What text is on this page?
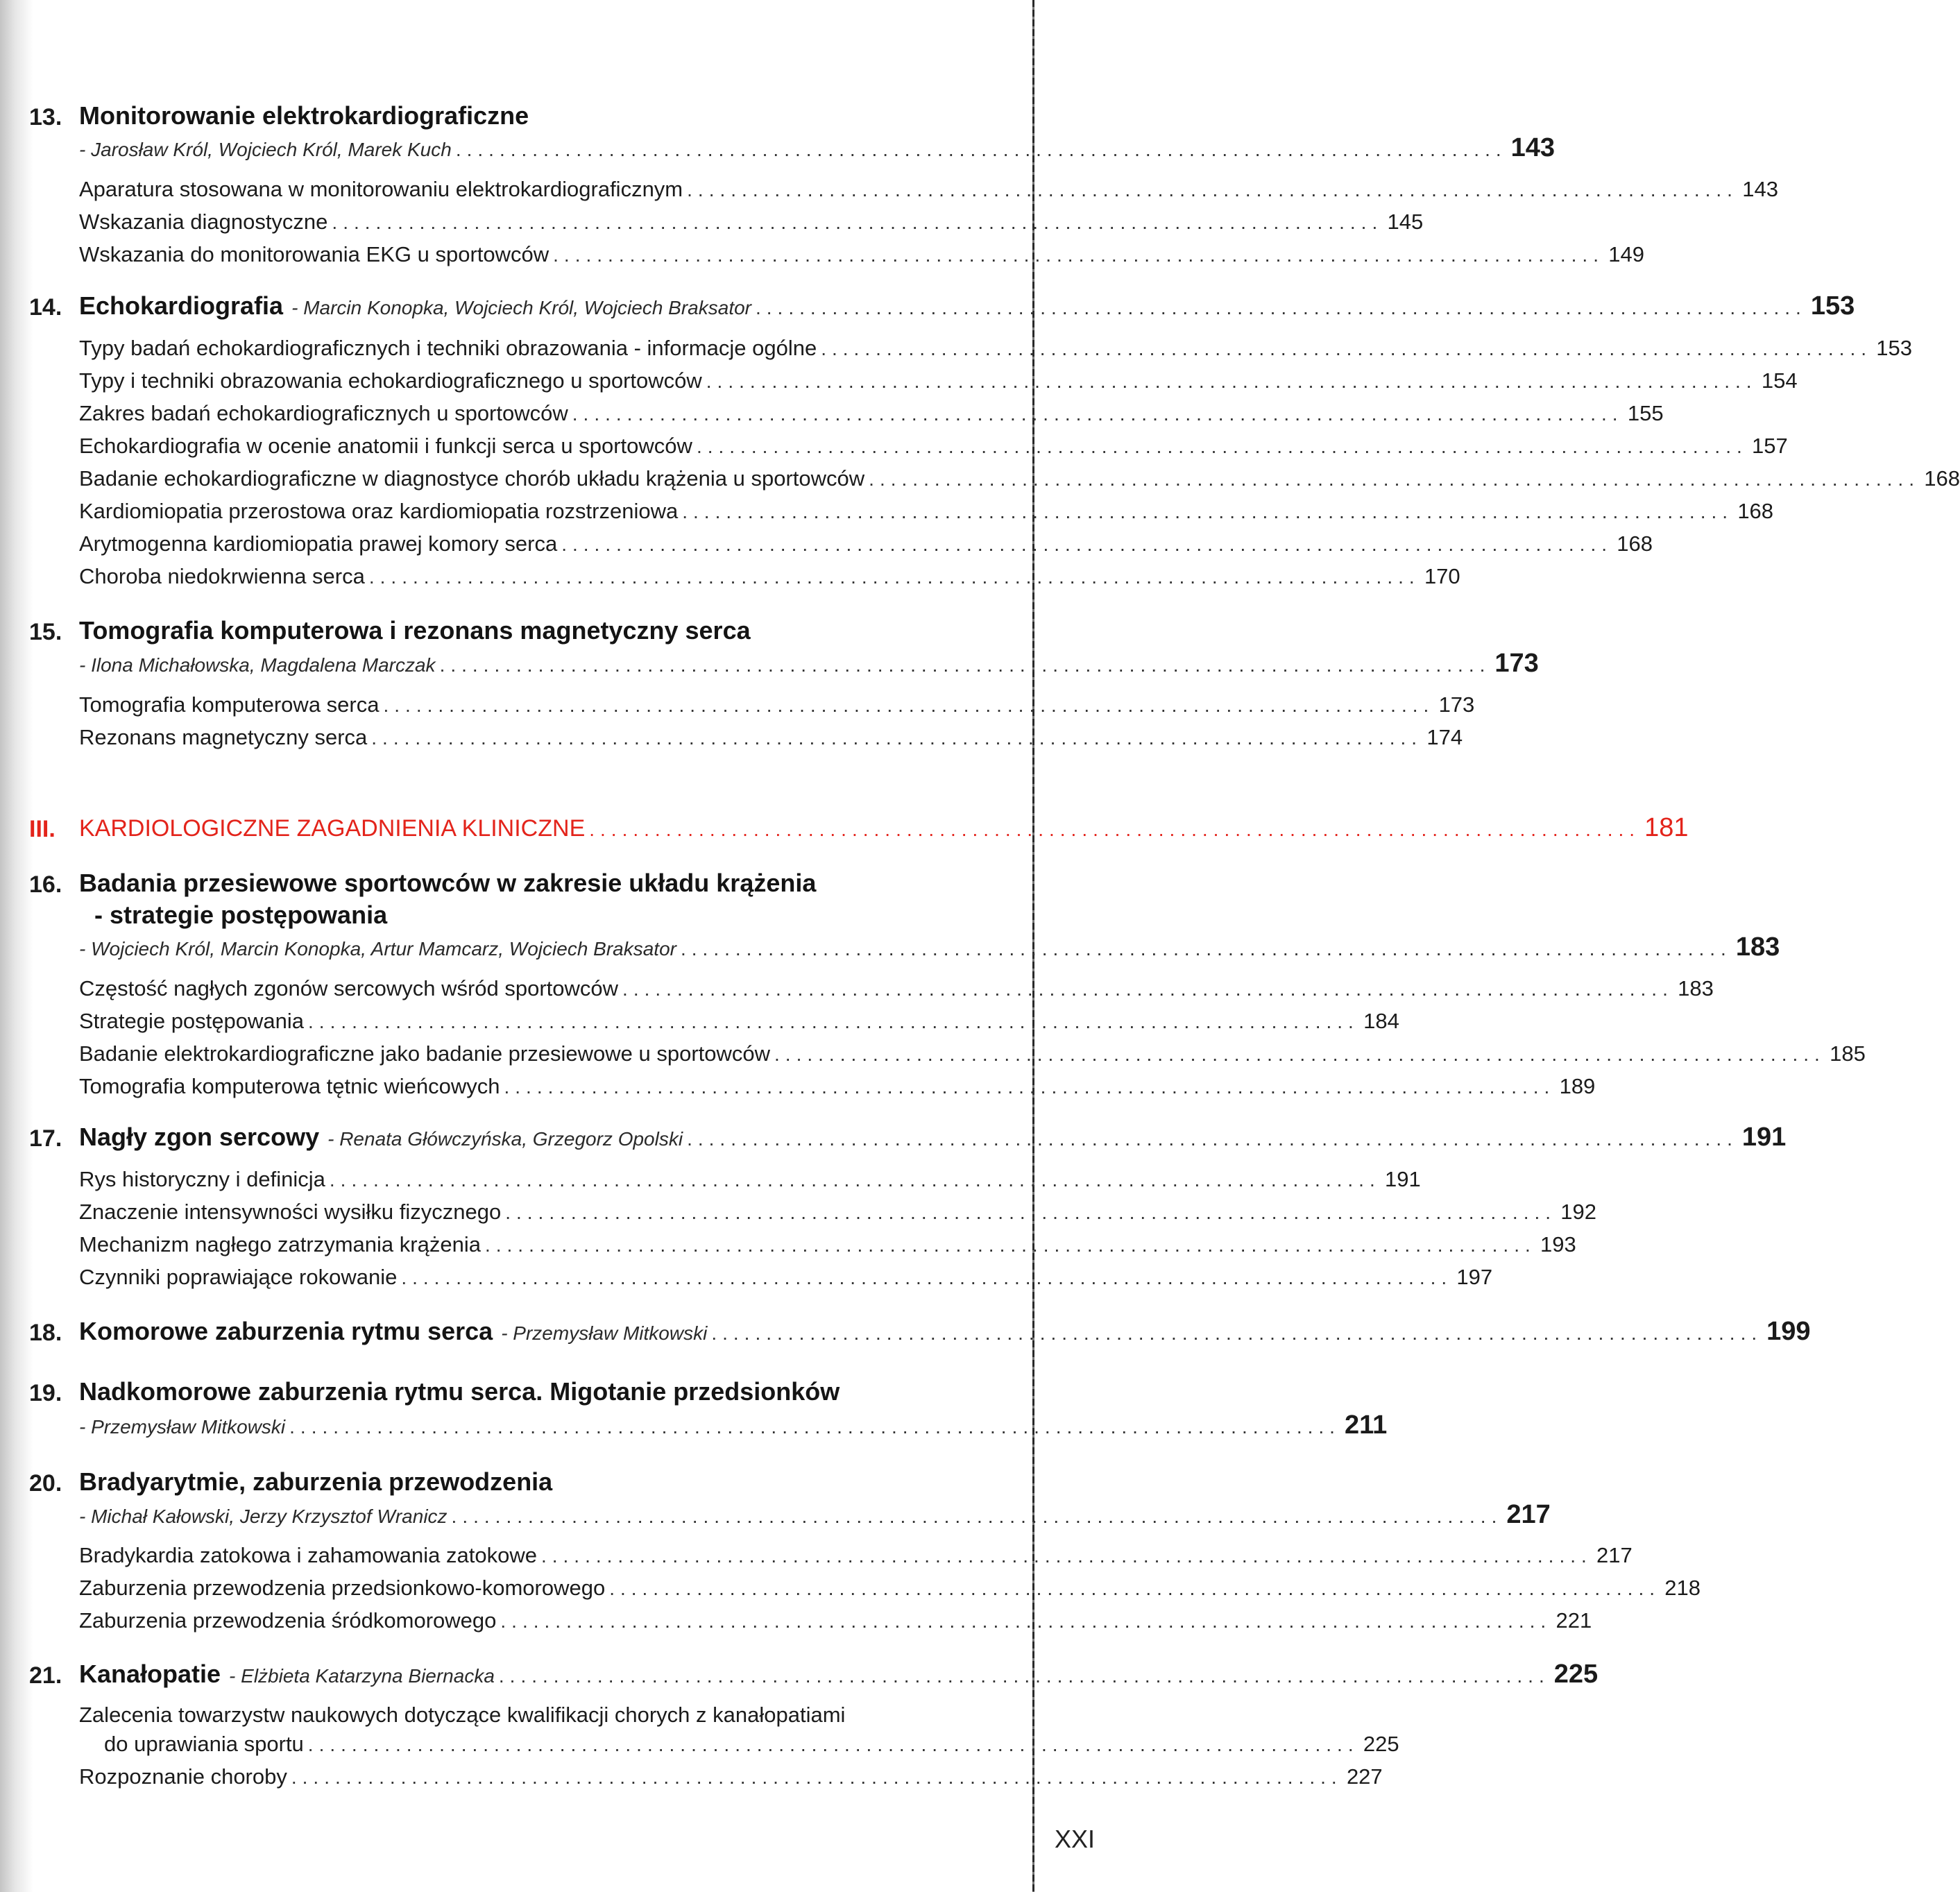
13. Monitorowanie elektrokardiograficzne
- Jarosław Król, Wojciech Król, Marek Kuch ................................................................................................ 143
Aparatura stosowana w monitorowaniu elektrokardiograficznym ................................................................................................ 143
Wskazania diagnostyczne ................................................................................................ 145
Wskazania do monitorowania EKG u sportowców ................................................................................................ 149
14. Echokardiografia - Marcin Konopka, Wojciech Król, Wojciech Braksator ................................................................................................ 153
Typy badań echokardiograficznych i techniki obrazowania - informacje ogólne ................................................................................................ 153
Typy i techniki obrazowania echokardiograficznego u sportowców ................................................................................................ 154
Zakres badań echokardiograficznych u sportowców ................................................................................................ 155
Echokardiografia w ocenie anatomii i funkcji serca u sportowców ................................................................................................ 157
Badanie echokardiograficzne w diagnostyce chorób układu krążenia u sportowców ................................................................................................ 168
Kardiomiopatia przerostowa oraz kardiomiopatia rozstrzeniowa ................................................................................................ 168
Arytmogenna kardiomiopatia prawej komory serca ................................................................................................ 168
Choroba niedokrwienna serca ................................................................................................ 170
15. Tomografia komputerowa i rezonans magnetyczny serca
- Ilona Michałowska, Magdalena Marczak ................................................................................................ 173
Tomografia komputerowa serca ................................................................................................ 173
Rezonans magnetyczny serca ................................................................................................ 174
III. KARDIOLOGICZNE ZAGADNIENIA KLINICZNE ................................................................................................ 181
16. Badania przesiewowe sportowców w zakresie układu krążenia
- strategie postępowania
- Wojciech Król, Marcin Konopka, Artur Mamcarz, Wojciech Braksator ................................................................................................ 183
Częstość nagłych zgonów sercowych wśród sportowców ................................................................................................ 183
Strategie postępowania ................................................................................................ 184
Badanie elektrokardiograficzne jako badanie przesiewowe u sportowców ................................................................................................ 185
Tomografia komputerowa tętnic wieńcowych ................................................................................................ 189
17. Nagły zgon sercowy - Renata Główczyńska, Grzegorz Opolski ................................................................................................ 191
Rys historyczny i definicja ................................................................................................ 191
Znaczenie intensywności wysiłku fizycznego ................................................................................................ 192
Mechanizm nagłego zatrzymania krążenia ................................................................................................ 193
Czynniki poprawiające rokowanie ................................................................................................ 197
18. Komorowe zaburzenia rytmu serca - Przemysław Mitkowski ................................................................................................ 199
19. Nadkomorowe zaburzenia rytmu serca. Migotanie przedsionków
- Przemysław Mitkowski ................................................................................................ 211
20. Bradyarytmie, zaburzenia przewodzenia
- Michał Kałowski, Jerzy Krzysztof Wranicz ................................................................................................ 217
Bradykardia zatokowa i zahamowania zatokowe ................................................................................................ 217
Zaburzenia przewodzenia przedsionkowo-komorowego ................................................................................................ 218
Zaburzenia przewodzenia śródkomorowego ................................................................................................ 221
21. Kanałopatie - Elżbieta Katarzyna Biernacka ................................................................................................ 225
Zalecenia towarzystw naukowych dotyczące kwalifikacji chorych z kanałopatiami
do uprawiania sportu ................................................................................................ 225
Rozpoznanie choroby ................................................................................................ 227
XXI
